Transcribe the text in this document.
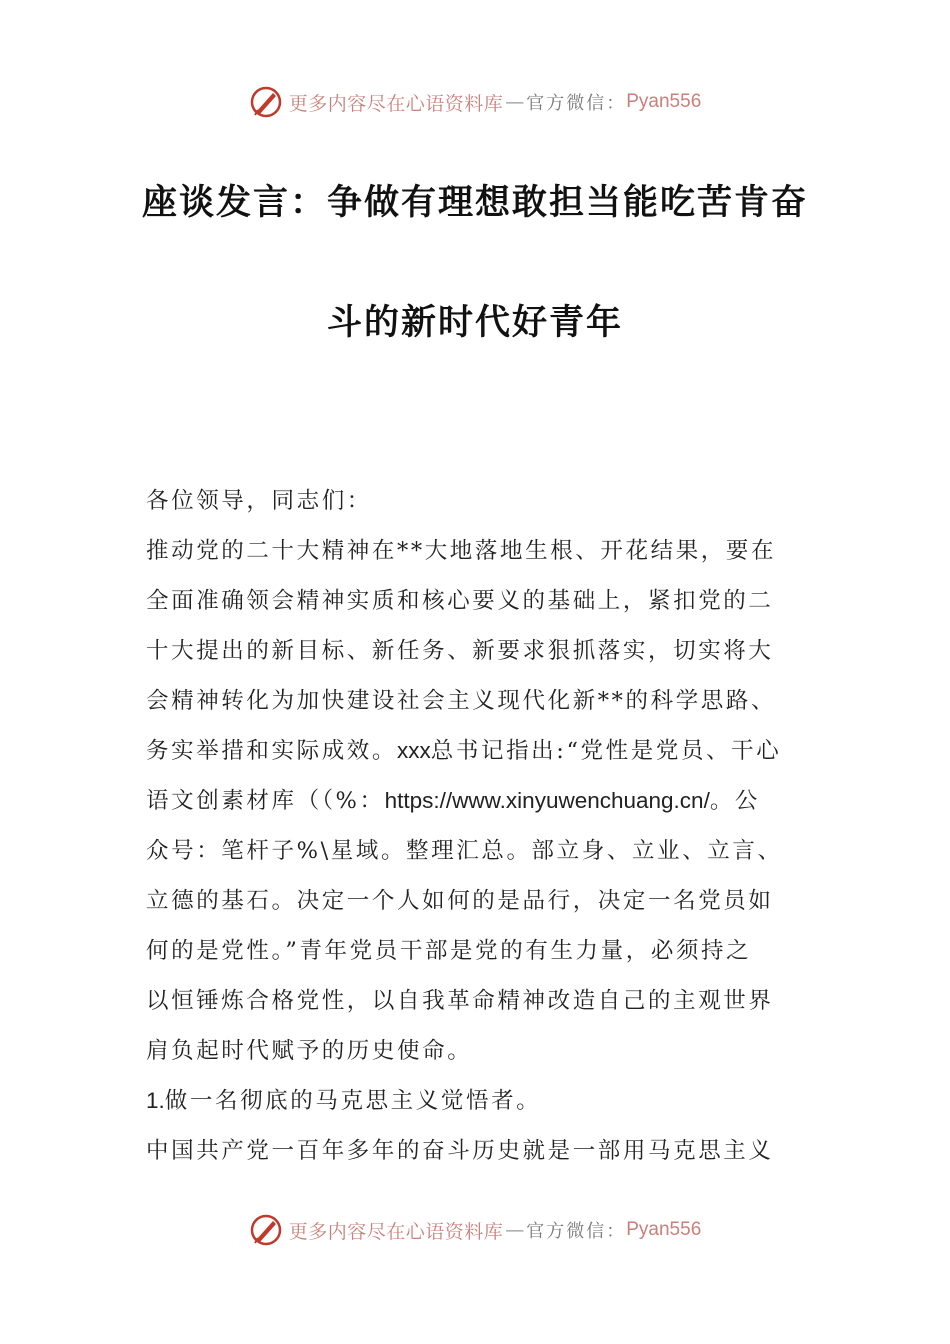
更多内容尽在心语资料库 — 官方微信： Pyan556
座谈发言：争做有理想敢担当能吃苦肯奋
斗的新时代好青年
各位领导，同志们：
推动党的二十大精神在**大地落地生根、开花结果，要在
全面准确领会精神实质和核心要义的基础上，紧扣党的二
十大提出的新目标、新任务、新要求狠抓落实，切实将大
会精神转化为加快建设社会主义现代化新**的科学思路、
务实举措和实际成效。xxx总书记指出:“党性是党员、干心
语文创素材库（（%：https://www.xinyuwenchuang.cn/。公
众号：笔杆子%\星域。整理汇总。部立身、立业、立言、
立德的基石。决定一个人如何的是品行，决定一名党员如
何的是党性。”青年党员干部是党的有生力量，必须持之
以恒锤炼合格党性，以自我革命精神改造自己的主观世界
肩负起时代赋予的历史使命。
1.做一名彻底的马克思主义觉悟者。
中国共产党一百年多年的奋斗历史就是一部用马克思主义
更多内容尽在心语资料库 — 官方微信： Pyan556
